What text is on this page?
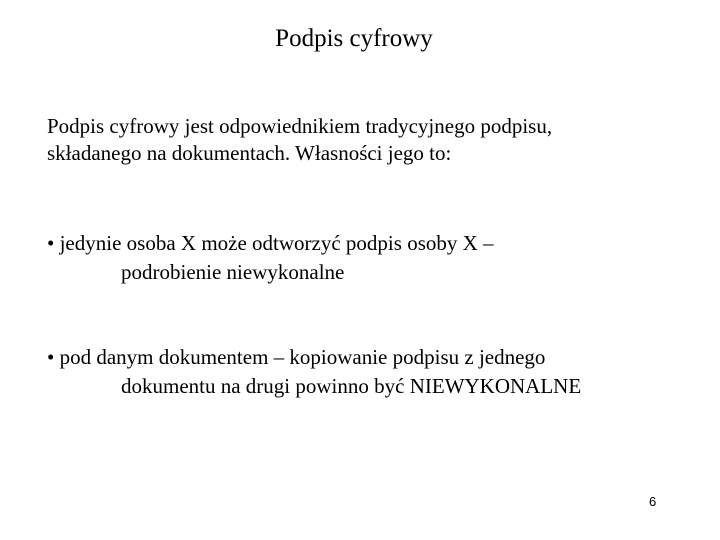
Podpis cyfrowy
Podpis cyfrowy jest odpowiednikiem tradycyjnego podpisu,
składanego na dokumentach. Własności jego to:
• jedynie osoba X może odtworzyć podpis osoby X –
podrobienie niewykonalne
• pod danym dokumentem – kopiowanie podpisu z jednego
dokumentu na drugi powinno być NIEWYKONALNE
6
